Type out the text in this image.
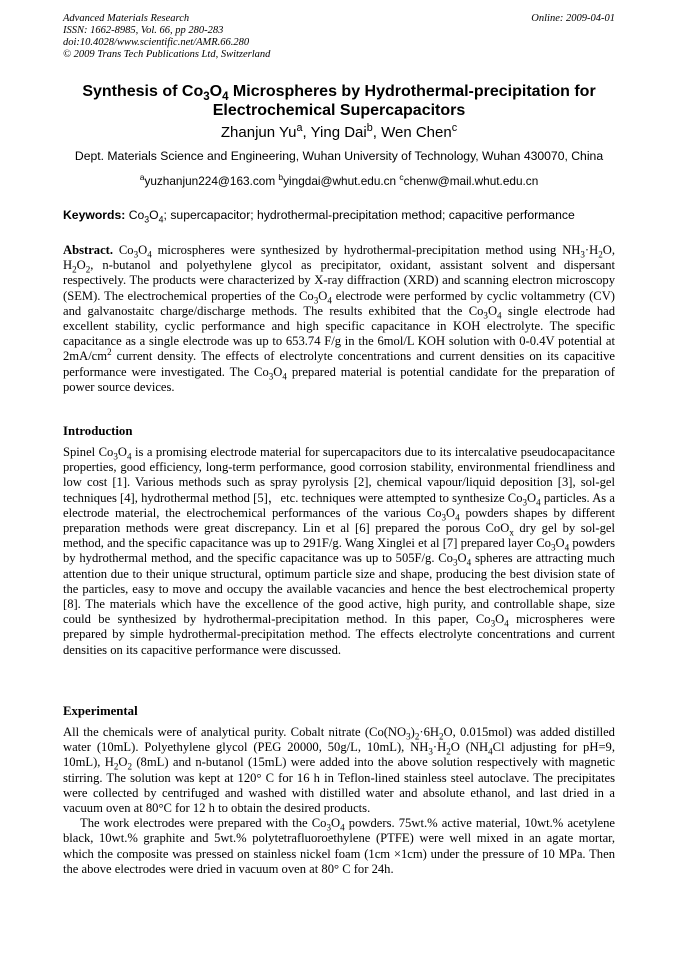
Advanced Materials Research
ISSN: 1662-8985, Vol. 66, pp 280-283
doi:10.4028/www.scientific.net/AMR.66.280
© 2009 Trans Tech Publications Ltd, Switzerland
Online: 2009-04-01
Synthesis of $Co_3O_4$ Microspheres by Hydrothermal-precipitation for
Electrochemical Supercapacitors
Zhanjun Yu$^a$, Ying Dai$^b$, Wen Chen$^c$
Dept. Materials Science and Engineering, Wuhan University of Technology, Wuhan 430070, China
$^a$yuzhanjun224@163.com $^b$yingdai@whut.edu.cn $^c$chenw@mail.whut.edu.cn
Keywords: $Co_3O_4$; supercapacitor; hydrothermal-precipitation method; capacitive performance

Abstract. $Co_3O_4$ microspheres were synthesized by hydrothermal-precipitation method using $NH_3\cdot H_2O$, $H_2O_2$, n-butanol and polyethylene glycol as precipitator, oxidant, assistant solvent and dispersant respectively. The products were characterized by X-ray diffraction (XRD) and scanning electron microscopy (SEM). The electrochemical properties of the $Co_3O_4$ electrode were performed by cyclic voltammetry (CV) and galvanostaitc charge/discharge methods. The results exhibited that the $Co_3O_4$ single electrode had excellent stability, cyclic performance and high specific capacitance in KOH electrolyte. The specific capacitance as a single electrode was up to 653.74 F/g in the 6mol/L KOH solution with 0-0.4V potential at $2mA/cm^2$ current density. The effects of electrolyte concentrations and current densities on its capacitive performance were investigated. The $Co_3O_4$ prepared material is potential candidate for the preparation of power source devices.

Introduction

Spinel $Co_3O_4$ is a promising electrode material for supercapacitors due to its intercalative pseudocapacitance properties, good efficiency, long-term performance, good corrosion stability, environmental friendliness and low cost [1]. Various methods such as spray pyrolysis [2], chemical vapour/liquid deposition [3], sol-gel techniques [4], hydrothermal method [5]，etc. techniques were attempted to synthesize $Co_3O_4$ particles. As a electrode material, the electrochemical performances of the various $Co_3O_4$ powders shapes by different preparation methods were great discrepancy. Lin et al [6] prepared the porous CoO$_x$ dry gel by sol-gel method, and the specific capacitance was up to 291F/g. Wang Xinglei et al [7] prepared layer $Co_3O_4$ powders by hydrothermal method, and the specific capacitance was up to 505F/g. $Co_3O_4$ spheres are attracting much attention due to their unique structural, optimum particle size and shape, producing the best division state of the particles, easy to move and occupy the available vacancies and hence the best electrochemical property [8]. The materials which have the excellence of the good active, high purity, and controllable shape, size could be synthesized by hydrothermal-precipitation method. In this paper, $Co_3O_4$ microspheres were prepared by simple hydrothermal-precipitation method. The effects electrolyte concentrations and current densities on its capacitive performance were discussed.

Experimental

All the chemicals were of analytical purity. Cobalt nitrate ($Co(NO_3)_2\cdot 6H_2O$, 0.015mol) was added distilled water (10mL). Polyethylene glycol (PEG 20000, 50g/L, 10mL), $NH_3\cdot H_2O$ ($NH_4Cl$ adjusting for pH=9, 10mL), $H_2O_2$ (8mL) and n-butanol (15mL) were added into the above solution respectively with magnetic stirring. The solution was kept at 120° C for 16 h in Teflon-lined stainless steel autoclave. The precipitates were collected by centrifuged and washed with distilled water and absolute ethanol, and last dried in a vacuum oven at 80°C for 12 h to obtain the desired products.

The work electrodes were prepared with the $Co_3O_4$ powders. 75wt.% active material, 10wt.% acetylene black, 10wt.% graphite and 5wt.% polytetrafluoroethylene (PTFE) were well mixed in an agate mortar, which the composite was pressed on stainless nickel foam (1cm ×1cm) under the pressure of 10 MPa. Then the above electrodes were dried in vacuum oven at 80° C for 24h.
